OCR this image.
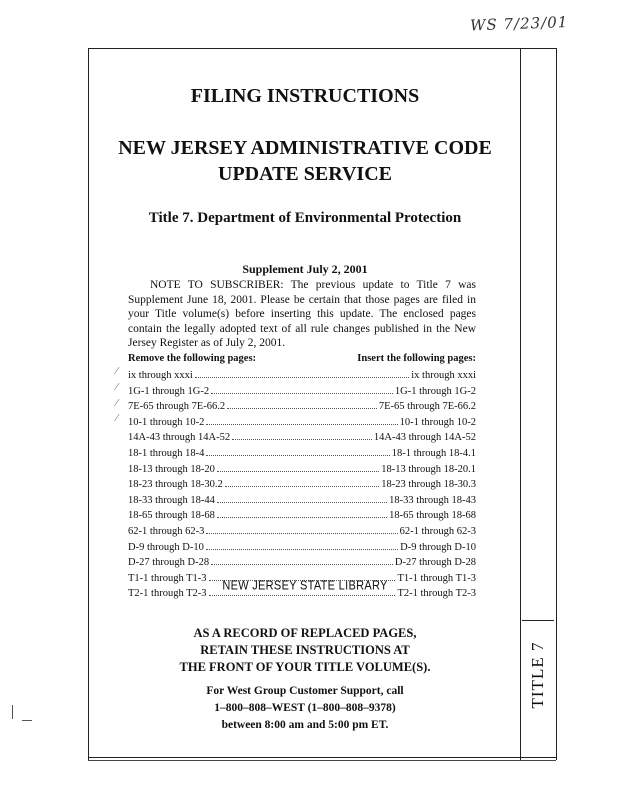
WS 7/23/01
TITLE 7
FILING INSTRUCTIONS
NEW JERSEY ADMINISTRATIVE CODE
UPDATE SERVICE
Title 7. Department of Environmental Protection
Supplement July 2, 2001
NOTE TO SUBSCRIBER: The previous update to Title 7 was Supplement June 18, 2001. Please be certain that those pages are filed in your Title volume(s) before inserting this update. The enclosed pages contain the legally adopted text of all rule changes published in the New Jersey Register as of July 2, 2001.
Remove the following pages:	Insert the following pages:
⁄
⁄
⁄
⁄
ix through xxxi	ix through xxxi
1G-1 through 1G-2	1G-1 through 1G-2
7E-65 through 7E-66.2	7E-65 through 7E-66.2
10-1 through 10-2	10-1 through 10-2
14A-43 through 14A-52	14A-43 through 14A-52
18-1 through 18-4	18-1 through 18-4.1
18-13 through 18-20	18-13 through 18-20.1
18-23 through 18-30.2	18-23 through 18-30.3
18-33 through 18-44	18-33 through 18-43
18-65 through 18-68	18-65 through 18-68
62-1 through 62-3	62-1 through 62-3
D-9 through D-10	D-9 through D-10
D-27 through D-28	D-27 through D-28
T1-1 through T1-3	T1-1 through T1-3
T2-1 through T2-3	T2-1 through T2-3
NEW JERSEY STATE LIBRARY
AS A RECORD OF REPLACED PAGES,
RETAIN THESE INSTRUCTIONS AT
THE FRONT OF YOUR TITLE VOLUME(S).
For West Group Customer Support, call
1–800–808–WEST (1–800–808–9378)
between 8:00 am and 5:00 pm ET.
